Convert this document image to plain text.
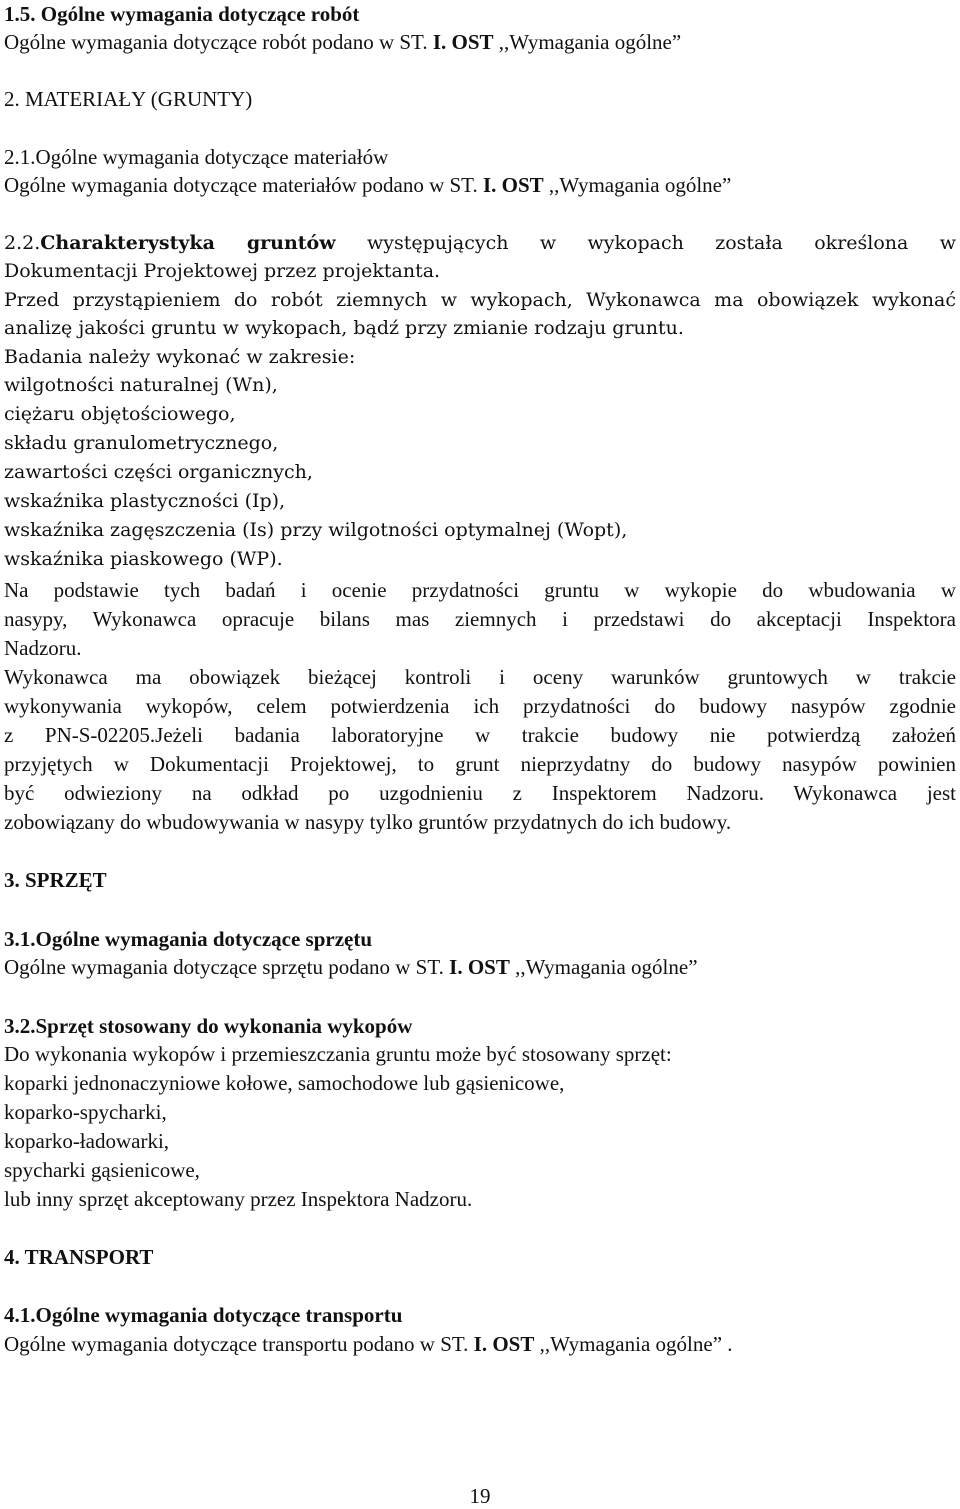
1.5. Ogólne wymagania dotyczące robót
Ogólne wymagania dotyczące robót podano w ST. I. OST ,,Wymagania ogólne”
2. MATERIAŁY (GRUNTY)
2.1.Ogólne wymagania dotyczące materiałów
Ogólne wymagania dotyczące materiałów podano w ST. I. OST ,,Wymagania ogólne”
2.2.Charakterystyka gruntów występujących w wykopach została określona w
Dokumentacji Projektowej przez projektanta.
Przed przystąpieniem do robót ziemnych w wykopach, Wykonawca ma obowiązek wykonać
analizę jakości gruntu w wykopach, bądź przy zmianie rodzaju gruntu.
Badania należy wykonać w zakresie:
wilgotności naturalnej (Wn),
ciężaru objętościowego,
składu granulometrycznego,
zawartości części organicznych,
wskaźnika plastyczności (Ip),
wskaźnika zagęszczenia (Is) przy wilgotności optymalnej (Wopt),
wskaźnika piaskowego (WP).
Na podstawie tych badań i ocenie przydatności gruntu w wykopie do wbudowania w
nasypy, Wykonawca opracuje bilans mas ziemnych i przedstawi do akceptacji Inspektora
Nadzoru.
Wykonawca ma obowiązek bieżącej kontroli i oceny warunków gruntowych w trakcie
wykonywania wykopów, celem potwierdzenia ich przydatności do budowy nasypów zgodnie
z PN-S-02205.Jeżeli badania laboratoryjne w trakcie budowy nie potwierdzą założeń
przyjętych w Dokumentacji Projektowej, to grunt nieprzydatny do budowy nasypów powinien
być odwieziony na odkład po uzgodnieniu z Inspektorem Nadzoru. Wykonawca jest
zobowiązany do wbudowywania w nasypy tylko gruntów przydatnych do ich budowy.
3. SPRZĘT
3.1.Ogólne wymagania dotyczące sprzętu
Ogólne wymagania dotyczące sprzętu podano w ST. I. OST ,,Wymagania ogólne”
3.2.Sprzęt stosowany do wykonania wykopów
Do wykonania wykopów i przemieszczania gruntu może być stosowany sprzęt:
koparki jednonaczyniowe kołowe, samochodowe lub gąsienicowe,
koparko-spycharki,
koparko-ładowarki,
spycharki gąsienicowe,
lub inny sprzęt akceptowany przez Inspektora Nadzoru.
4. TRANSPORT
4.1.Ogólne wymagania dotyczące transportu
Ogólne wymagania dotyczące transportu podano w ST. I. OST ,,Wymagania ogólne” .
19
